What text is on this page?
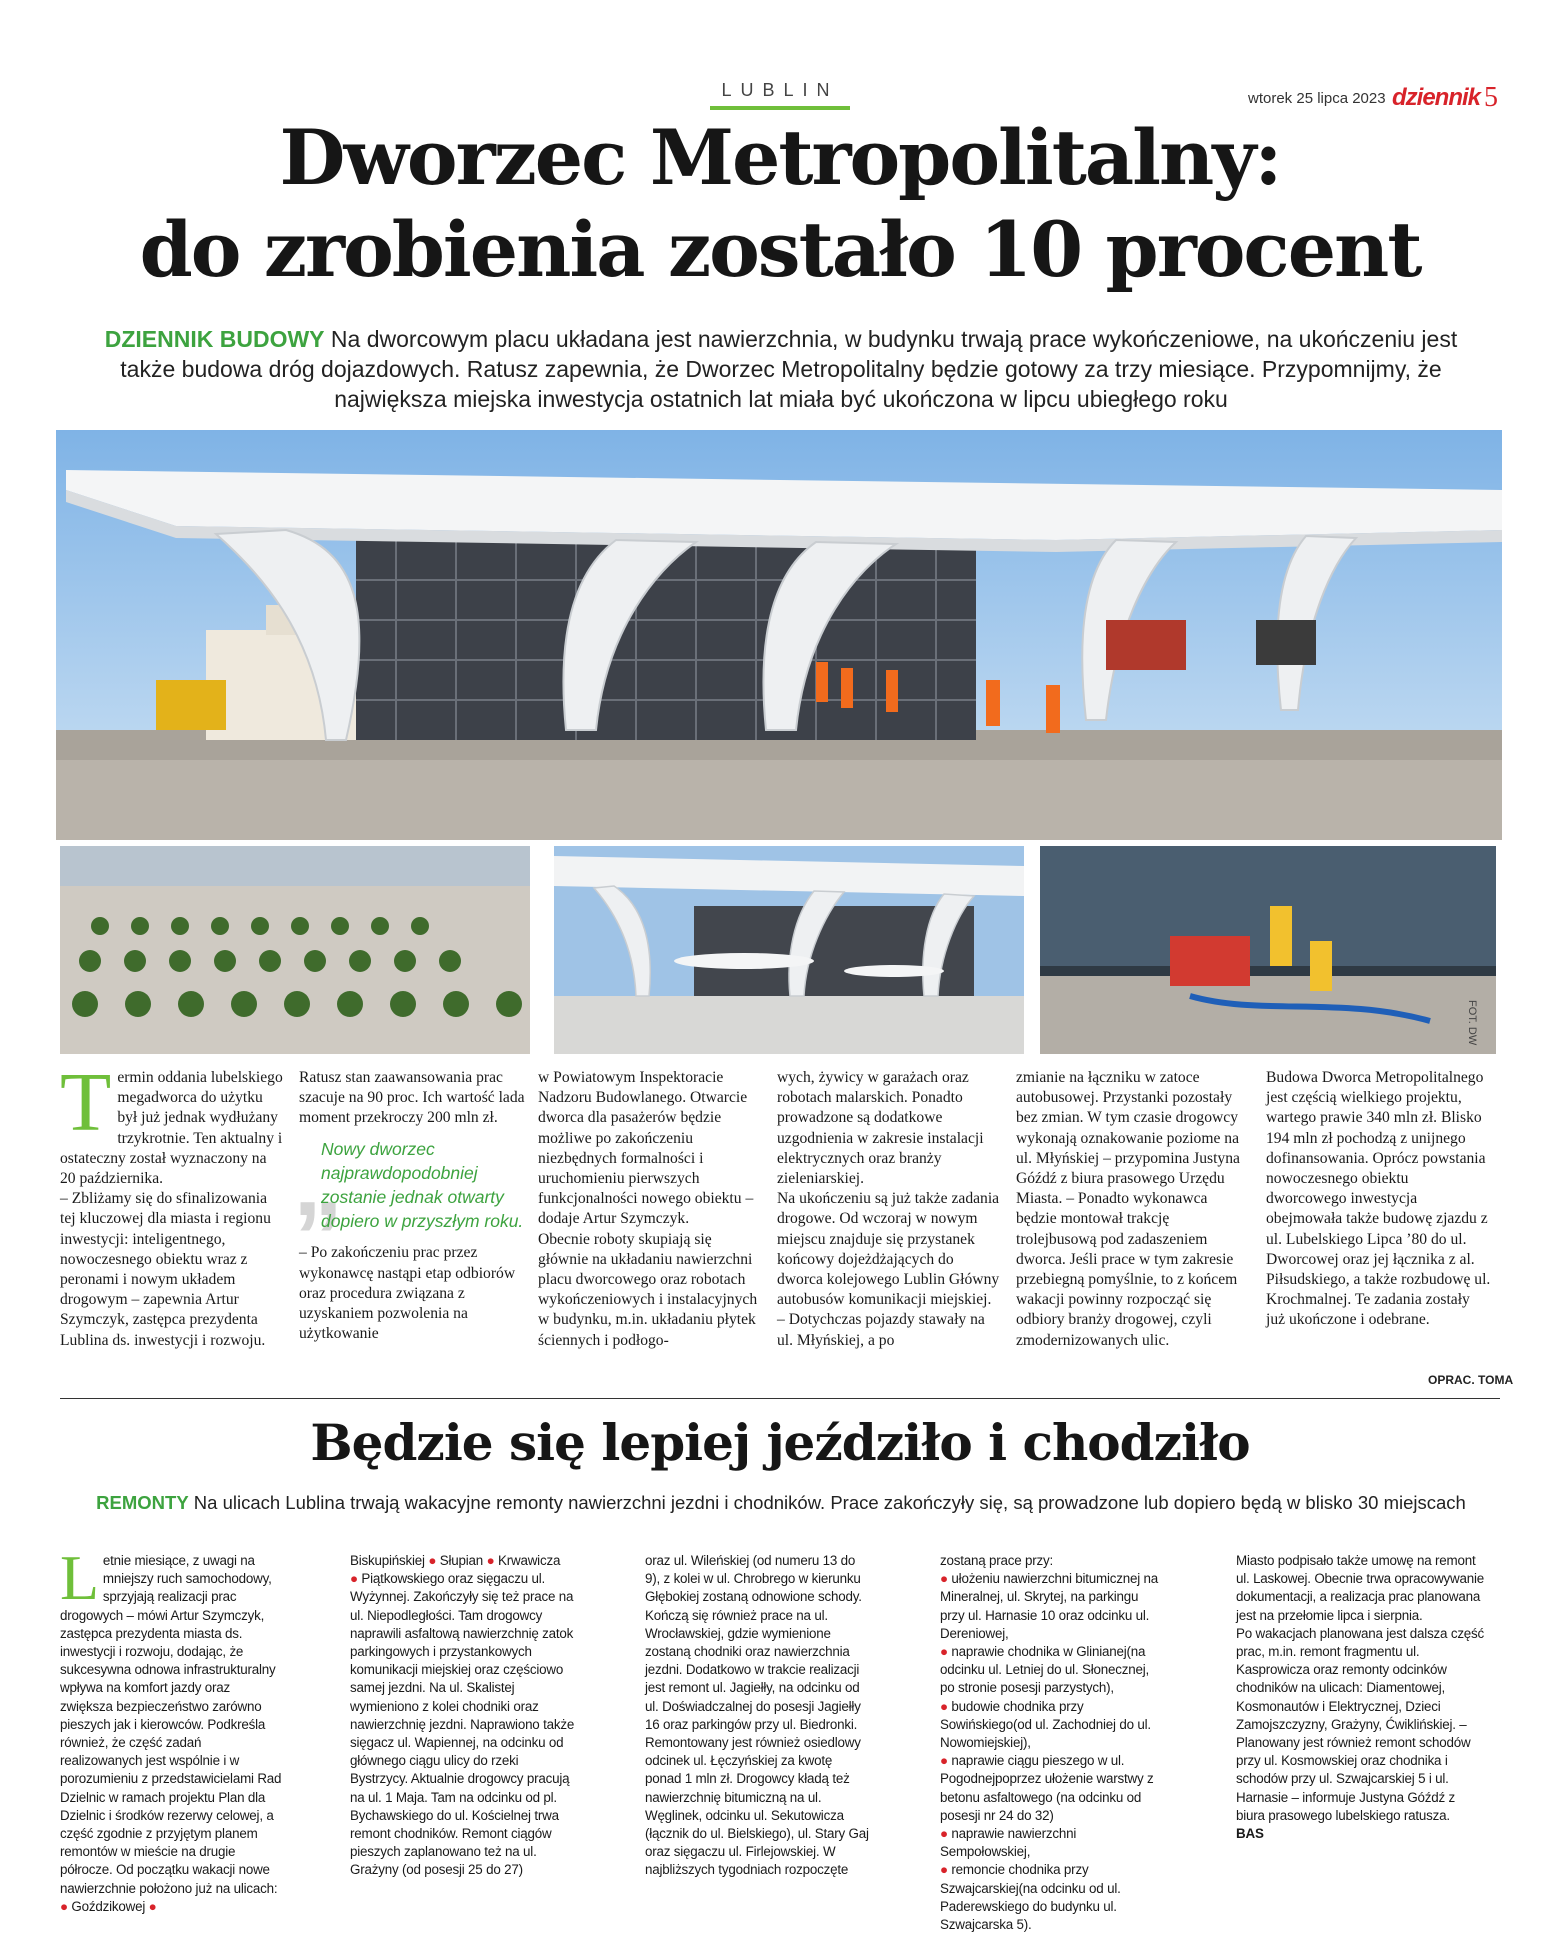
LUBLIN	wtorek 25 lipca 2023 dziennik 5
Dworzec Metropolitalny:
do zrobienia zostało 10 procent
DZIENNIK BUDOWY Na dworcowym placu układana jest nawierzchnia, w budynku trwają prace wykończeniowe, na ukończeniu jest także budowa dróg dojazdowych. Ratusz zapewnia, że Dworzec Metropolitalny będzie gotowy za trzy miesiące. Przypomnijmy, że największa miejska inwestycja ostatnich lat miała być ukończona w lipcu ubiegłego roku
FOT. DW

Termin oddania lubelskiego megadworca do użytku był już jednak wydłużany trzykrotnie. Ten aktualny i ostateczny został wyznaczony na 20 października.

– Zbliżamy się do sfinalizowania tej kluczowej dla miasta i regionu inwestycji: inteligentnego, nowoczesnego obiektu wraz z peronami i nowym układem drogowym – zapewnia Artur Szymczyk, zastępca prezydenta Lublina ds. inwestycji i rozwoju.

Ratusz stan zaawansowania prac szacuje na 90 proc. Ich wartość lada moment przekroczy 200 mln zł.

„
Nowy dworzec najprawdopodobniej zostanie jednak otwarty dopiero w przyszłym roku.

– Po zakończeniu prac przez wykonawcę nastąpi etap odbiorów oraz procedura związana z uzyskaniem pozwolenia na użytkowanie

w Powiatowym Inspektoracie Nadzoru Budowlanego. Otwarcie dworca dla pasażerów będzie możliwe po zakończeniu niezbędnych formalności i uruchomieniu pierwszych funkcjonalności nowego obiektu – dodaje Artur Szymczyk.

Obecnie roboty skupiają się głównie na układaniu nawierzchni placu dworcowego oraz robotach wykończeniowych i instalacyjnych w budynku, m.in. układaniu płytek ściennych i podłogo-

wych, żywicy w garażach oraz robotach malarskich. Ponadto prowadzone są dodatkowe uzgodnienia w zakresie instalacji elektrycznych oraz branży zieleniarskiej.

Na ukończeniu są już także zadania drogowe. Od wczoraj w nowym miejscu znajduje się przystanek końcowy dojeżdżających do dworca kolejowego Lublin Główny autobusów komunikacji miejskiej.

– Dotychczas pojazdy stawały na ul. Młyńskiej, a po

zmianie na łączniku w zatoce autobusowej. Przystanki pozostały bez zmian. W tym czasie drogowcy wykonają oznakowanie poziome na ul. Młyńskiej – przypomina Justyna Góźdź z biura prasowego Urzędu Miasta. – Ponadto wykonawca będzie montował trakcję trolejbusową pod zadaszeniem dworca. Jeśli prace w tym zakresie przebiegną pomyślnie, to z końcem wakacji powinny rozpocząć się odbiory branży drogowej, czyli zmodernizowanych ulic.

Budowa Dworca Metropolitalnego jest częścią wielkiego projektu, wartego prawie 340 mln zł. Blisko 194 mln zł pochodzą z unijnego dofinansowania. Oprócz powstania nowoczesnego obiektu dworcowego inwestycja obejmowała także budowę zjazdu z ul. Lubelskiego Lipca ’80 do ul. Dworcowej oraz jej łącznika z al. Piłsudskiego, a także rozbudowę ul. Krochmalnej. Te zadania zostały już ukończone i odebrane.

OPRAC. TOMA
Będzie się lepiej jeździło i chodziło
REMONTY Na ulicach Lublina trwają wakacyjne remonty nawierzchni jezdni i chodników. Prace zakończyły się, są prowadzone lub dopiero będą w blisko 30 miejscach
Letnie miesiące, z uwagi na mniejszy ruch samochodowy, sprzyjają realizacji prac drogowych – mówi Artur Szymczyk, zastępca prezydenta miasta ds. inwestycji i rozwoju, dodając, że sukcesywna odnowa infrastrukturalny wpływa na komfort jazdy oraz zwiększa bezpieczeństwo zarówno pieszych jak i kierowców. Podkreśla również, że część zadań realizowanych jest wspólnie i w porozumieniu z przedstawicielami Rad Dzielnic w ramach projektu Plan dla Dzielnic i środków rezerwy celowej, a część zgodnie z przyjętym planem remontów w mieście na drugie półrocze. Od początku wakacji nowe nawierzchnie położono już na ulicach: ● Goździkowej ●
Biskupińskiej ● Słupian ● Krwawicza
● Piątkowskiego oraz sięgaczu ul. Wyżynnej. Zakończyły się też prace na ul. Niepodległości. Tam drogowcy naprawili asfaltową nawierzchnię zatok parkingowych i przystankowych komunikacji miejskiej oraz częściowo samej jezdni. Na ul. Skalistej wymieniono z kolei chodniki oraz nawierzchnię jezdni. Naprawiono także sięgacz ul. Wapiennej, na odcinku od głównego ciągu ulicy do rzeki Bystrzycy. Aktualnie drogowcy pracują na ul. 1 Maja. Tam na odcinku od pl. Bychawskiego do ul. Kościelnej trwa remont chodników. Remont ciągów pieszych zaplanowano też na ul. Grażyny (od posesji 25 do 27)
oraz ul. Wileńskiej (od numeru 13 do 9), z kolei w ul. Chrobrego w kierunku Głębokiej zostaną odnowione schody. Kończą się również prace na ul. Wrocławskiej, gdzie wymienione zostaną chodniki oraz nawierzchnia jezdni. Dodatkowo w trakcie realizacji jest remont ul. Jagiełły, na odcinku od ul. Doświadczalnej do posesji Jagiełły 16 oraz parkingów przy ul. Biedronki. Remontowany jest również osiedlowy odcinek ul. Łęczyńskiej za kwotę ponad 1 mln zł. Drogowcy kładą też nawierzchnię bitumiczną na ul. Węglinek, odcinku ul. Sekutowicza (łącznik do ul. Bielskiego), ul. Stary Gaj oraz sięgaczu ul. Firlejowskiej. W najbliższych tygodniach rozpoczęte
zostaną prace przy:
● ułożeniu nawierzchni bitumicznej na Mineralnej, ul. Skrytej, na parkingu przy ul. Harnasie 10 oraz odcinku ul. Dereniowej,
● naprawie chodnika w Glinianej(na odcinku ul. Letniej do ul. Słonecznej, po stronie posesji parzystych),
● budowie chodnika przy Sowińskiego(od ul. Zachodniej do ul. Nowomiejskiej),
● naprawie ciągu pieszego w ul. Pogodnejpoprzez ułożenie warstwy z betonu asfaltowego (na odcinku od posesji nr 24 do 32)
● naprawie nawierzchni Sempołowskiej,
● remoncie chodnika przy Szwajcarskiej(na odcinku od ul. Paderewskiego do budynku ul. Szwajcarska 5).
Miasto podpisało także umowę na remont ul. Laskowej. Obecnie trwa opracowywanie dokumentacji, a realizacja prac planowana jest na przełomie lipca i sierpnia.
Po wakacjach planowana jest dalsza część prac, m.in. remont fragmentu ul. Kasprowicza oraz remonty odcinków chodników na ulicach: Diamentowej, Kosmonautów i Elektrycznej, Dzieci Zamojszczyzny, Grażyny, Ćwiklińskiej. – Planowany jest również remont schodów przy ul. Kosmowskiej oraz chodnika i schodów przy ul. Szwajcarskiej 5 i ul. Harnasie – informuje Justyna Góźdź z biura prasowego lubelskiego ratusza.
BAS
